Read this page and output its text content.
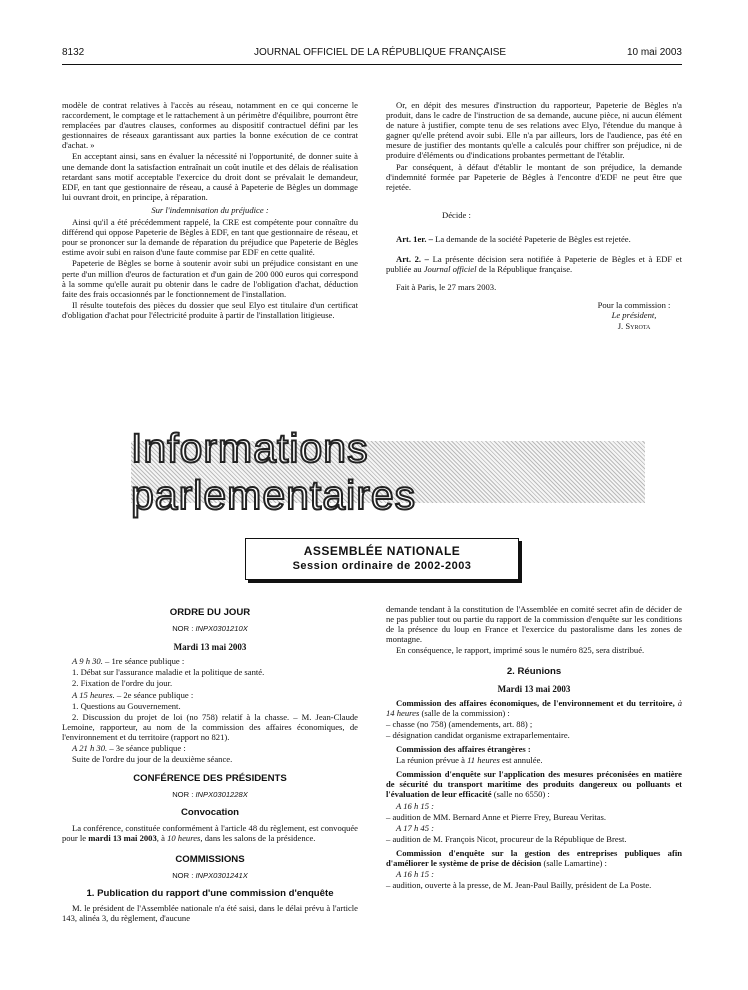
8132	JOURNAL OFFICIEL DE LA RÉPUBLIQUE FRANÇAISE	10 mai 2003

modèle de contrat relatives à l'accès au réseau, notamment en ce qui concerne le raccordement, le comptage et le rattachement à un périmètre d'équilibre, pourront être remplacées par d'autres clauses, conformes au dispositif contractuel défini par les gestionnaires de réseaux garantissant aux parties la bonne exécution de ce contrat d'achat. »

En acceptant ainsi, sans en évaluer la nécessité ni l'opportunité, de donner suite à une demande dont la satisfaction entraînait un coût inutile et des délais de réalisation retardant sans motif acceptable l'exercice du droit dont se prévalait le demandeur, EDF, en tant que gestionnaire de réseau, a causé à Papeterie de Bègles un dommage lui ouvrant droit, en principe, à réparation.

Sur l'indemnisation du préjudice :

Ainsi qu'il a été précédemment rappelé, la CRE est compétente pour connaître du différend qui oppose Papeterie de Bègles à EDF, en tant que gestionnaire de réseau, et pour se prononcer sur la demande de réparation du préjudice que Papeterie de Bègles estime avoir subi en raison d'une faute commise par EDF en cette qualité.

Papeterie de Bègles se borne à soutenir avoir subi un préjudice consistant en une perte d'un million d'euros de facturation et d'un gain de 200 000 euros qui correspond à la somme qu'elle aurait pu obtenir dans le cadre de l'obligation d'achat, déduction faite des frais occasionnés par le fonctionnement de l'installation.

Il résulte toutefois des pièces du dossier que seul Elyo est titulaire d'un certificat d'obligation d'achat pour l'électricité produite à partir de l'installation litigieuse.

Or, en dépit des mesures d'instruction du rapporteur, Papeterie de Bègles n'a produit, dans le cadre de l'instruction de sa demande, aucune pièce, ni aucun élément de nature à justifier, compte tenu de ses relations avec Elyo, l'étendue du manque à gagner qu'elle prétend avoir subi. Elle n'a par ailleurs, lors de l'audience, pas été en mesure de justifier des montants qu'elle a calculés pour chiffrer son préjudice, ni de produire d'éléments ou d'indications probantes permettant de l'établir.

Par conséquent, à défaut d'établir le montant de son préjudice, la demande d'indemnité formée par Papeterie de Bègles à l'encontre d'EDF ne peut être que rejetée.

Décide :

Art. 1er. – La demande de la société Papeterie de Bègles est rejetée.

Art. 2. – La présente décision sera notifiée à Papeterie de Bègles et à EDF et publiée au Journal officiel de la République française.

Fait à Paris, le 27 mars 2003.

Pour la commission :
Le président,
J. Syrota
Informations parlementaires
ASSEMBLÉE NATIONALE
Session ordinaire de 2002-2003
ORDRE DU JOUR
NOR : INPX0301210X
Mardi 13 mai 2003

A 9 h 30. – 1re séance publique :

1. Débat sur l'assurance maladie et la politique de santé.

2. Fixation de l'ordre du jour.

A 15 heures. – 2e séance publique :

1. Questions au Gouvernement.

2. Discussion du projet de loi (no 758) relatif à la chasse. – M. Jean-Claude Lemoine, rapporteur, au nom de la commission des affaires économiques, de l'environnement et du territoire (rapport no 821).

A 21 h 30. – 3e séance publique :

Suite de l'ordre du jour de la deuxième séance.

CONFÉRENCE DES PRÉSIDENTS
NOR : INPX0301228X
Convocation

La conférence, constituée conformément à l'article 48 du règlement, est convoquée pour le mardi 13 mai 2003, à 10 heures, dans les salons de la présidence.

COMMISSIONS
NOR : INPX0301241X
1. Publication du rapport d'une commission d'enquête

M. le président de l'Assemblée nationale n'a été saisi, dans le délai prévu à l'article 143, alinéa 3, du règlement, d'aucune

demande tendant à la constitution de l'Assemblée en comité secret afin de décider de ne pas publier tout ou partie du rapport de la commission d'enquête sur les conditions de la présence du loup en France et l'exercice du pastoralisme dans les zones de montagne.

En conséquence, le rapport, imprimé sous le numéro 825, sera distribué.

2. Réunions
Mardi 13 mai 2003

Commission des affaires économiques, de l'environnement et du territoire, à 14 heures (salle de la commission) :

– chasse (no 758) (amendements, art. 88) ;

– désignation candidat organisme extraparlementaire.

Commission des affaires étrangères :

La réunion prévue à 11 heures est annulée.

Commission d'enquête sur l'application des mesures préconisées en matière de sécurité du transport maritime des produits dangereux ou polluants et l'évaluation de leur efficacité (salle no 6550) :

A 16 h 15 :

– audition de MM. Bernard Anne et Pierre Frey, Bureau Veritas.

A 17 h 45 :

– audition de M. François Nicot, procureur de la République de Brest.

Commission d'enquête sur la gestion des entreprises publiques afin d'améliorer le système de prise de décision (salle Lamartine) :

A 16 h 15 :

– audition, ouverte à la presse, de M. Jean-Paul Bailly, président de La Poste.
